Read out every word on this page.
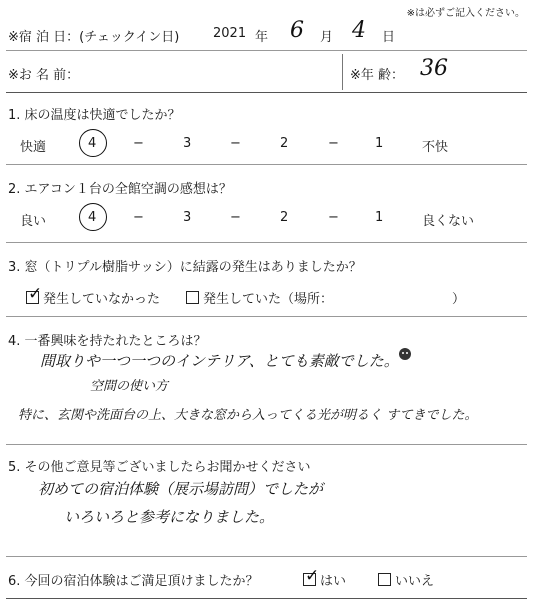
※は必ずご記入ください。
※宿 泊 日：(チェックイン日)	2021 年 6 月 4 日
※お 名 前：	※年 齢： 36
1. 床の温度は快適でしたか？
快適	4	−	3	−	2	−	1	不快
2. エアコン１台の全館空調の感想は？
良い	4	−	3	−	2	−	1	良くない
3. 窓（トリプル樹脂サッシ）に結露の発生はありましたか？
✓ 発生していなかった	発生していた（場所：	）
4. 一番興味を持たれたところは？
間取りや一つ一つのインテリア、とても素敵でした。
空間の使い方
特に、玄関や洗面台の上、大きな窓から入ってくる光が明るく すてきでした。
5. その他ご意見等ございましたらお聞かせください
初めての宿泊体験（展示場訪問）でしたが
いろいろと参考になりました。
6. 今回の宿泊体験はご満足頂けましたか？	✓ はい	いいえ
